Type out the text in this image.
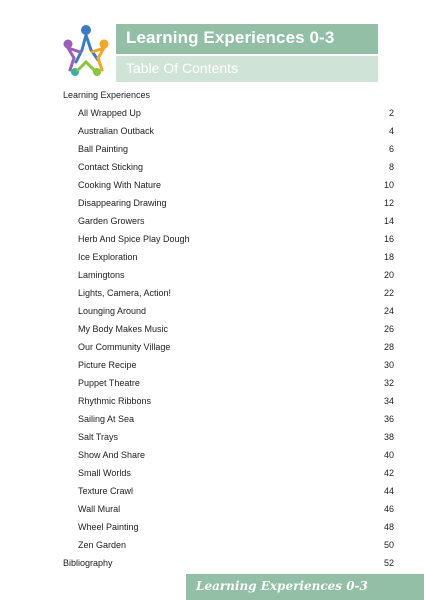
Learning Experiences 0-3
Table Of Contents
Learning Experiences
All Wrapped Up	2
Australian Outback	4
Ball Painting	6
Contact Sticking	8
Cooking With Nature	10
Disappearing Drawing	12
Garden Growers	14
Herb And Spice Play Dough	16
Ice Exploration	18
Lamingtons	20
Lights, Camera, Action!	22
Lounging Around	24
My Body Makes Music	26
Our Community Village	28
Picture Recipe	30
Puppet Theatre	32
Rhythmic Ribbons	34
Sailing At Sea	36
Salt Trays	38
Show And Share	40
Small Worlds	42
Texture Crawl	44
Wall Mural	46
Wheel Painting	48
Zen Garden	50
Bibliography	52
Learning Experiences 0-3
